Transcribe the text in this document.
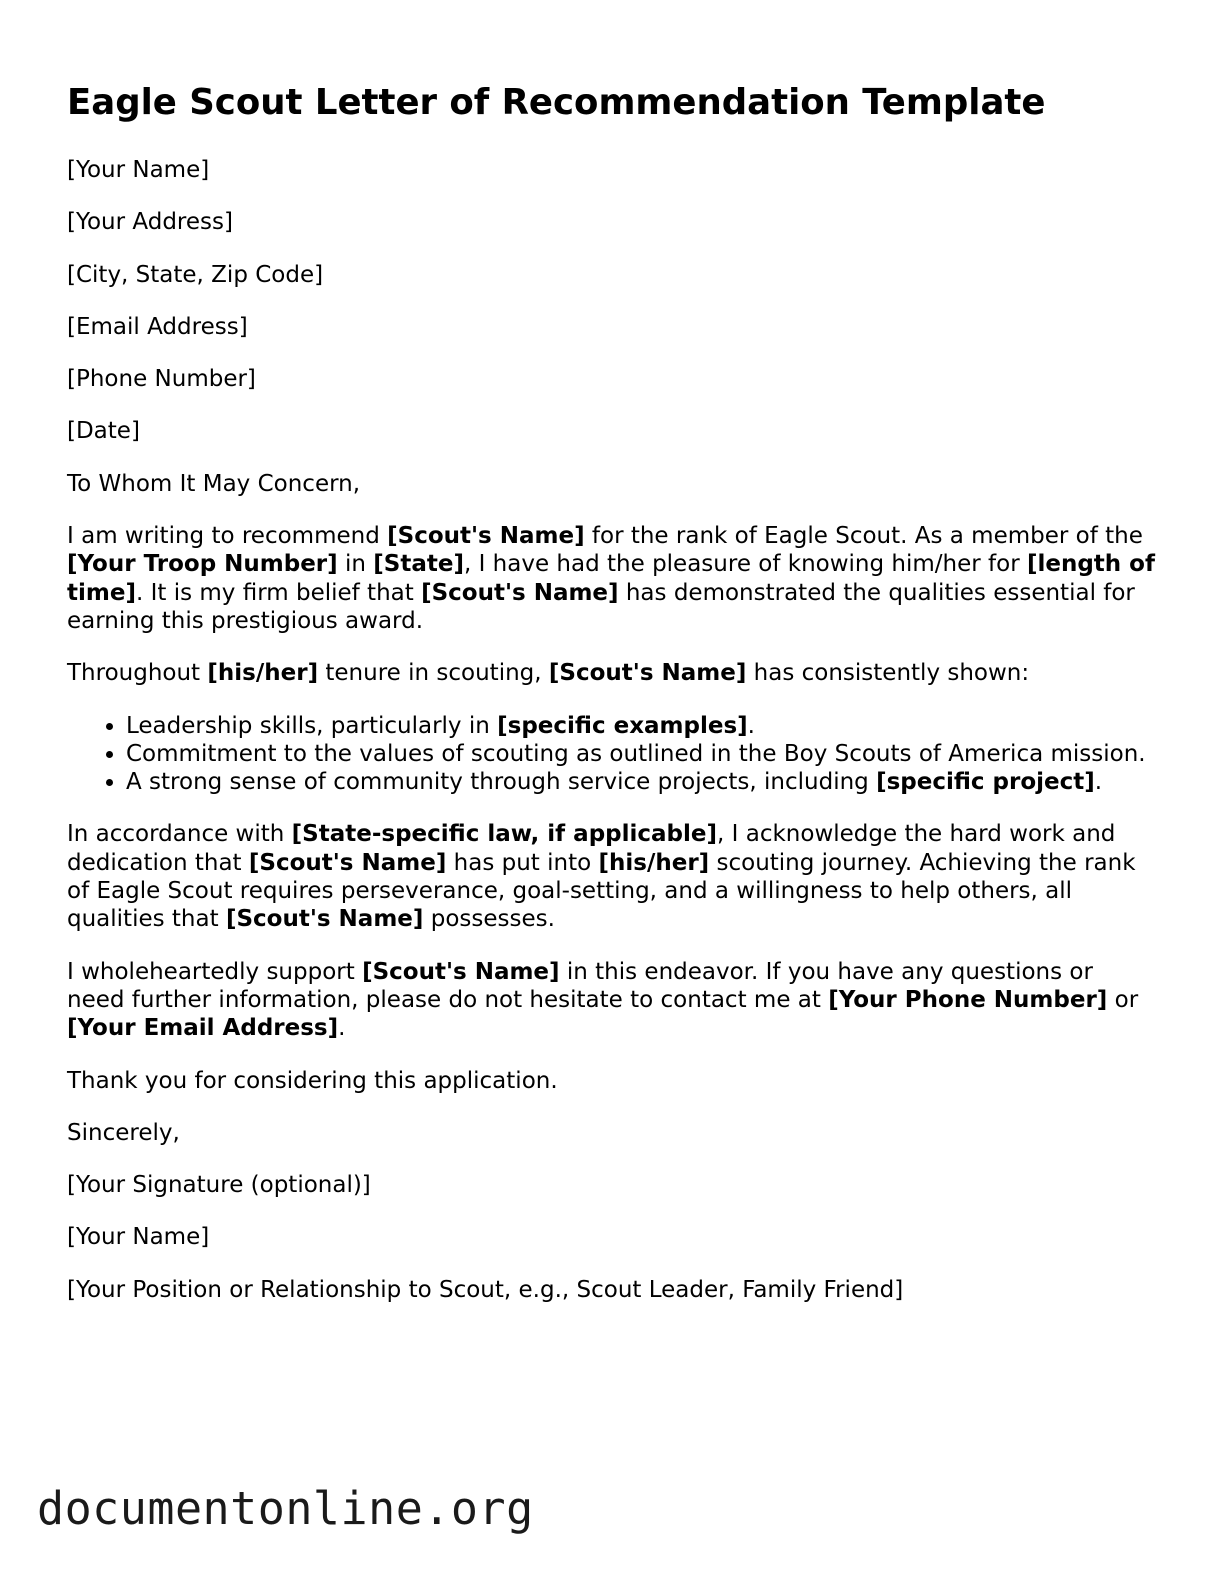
Eagle Scout Letter of Recommendation Template

[Your Name]

[Your Address]

[City, State, Zip Code]

[Email Address]

[Phone Number]

[Date]

To Whom It May Concern,

I am writing to recommend [Scout's Name] for the rank of Eagle Scout. As a member of the [Your Troop Number] in [State], I have had the pleasure of knowing him/her for [length of time]. It is my firm belief that [Scout's Name] has demonstrated the qualities essential for earning this prestigious award.

Throughout [his/her] tenure in scouting, [Scout's Name] has consistently shown:

• Leadership skills, particularly in [specific examples].
• Commitment to the values of scouting as outlined in the Boy Scouts of America mission.
• A strong sense of community through service projects, including [specific project].

In accordance with [State-specific law, if applicable], I acknowledge the hard work and dedication that [Scout's Name] has put into [his/her] scouting journey. Achieving the rank of Eagle Scout requires perseverance, goal-setting, and a willingness to help others, all qualities that [Scout's Name] possesses.

I wholeheartedly support [Scout's Name] in this endeavor. If you have any questions or need further information, please do not hesitate to contact me at [Your Phone Number] or [Your Email Address].

Thank you for considering this application.

Sincerely,

[Your Signature (optional)]

[Your Name]

[Your Position or Relationship to Scout, e.g., Scout Leader, Family Friend]

documentonline.org
